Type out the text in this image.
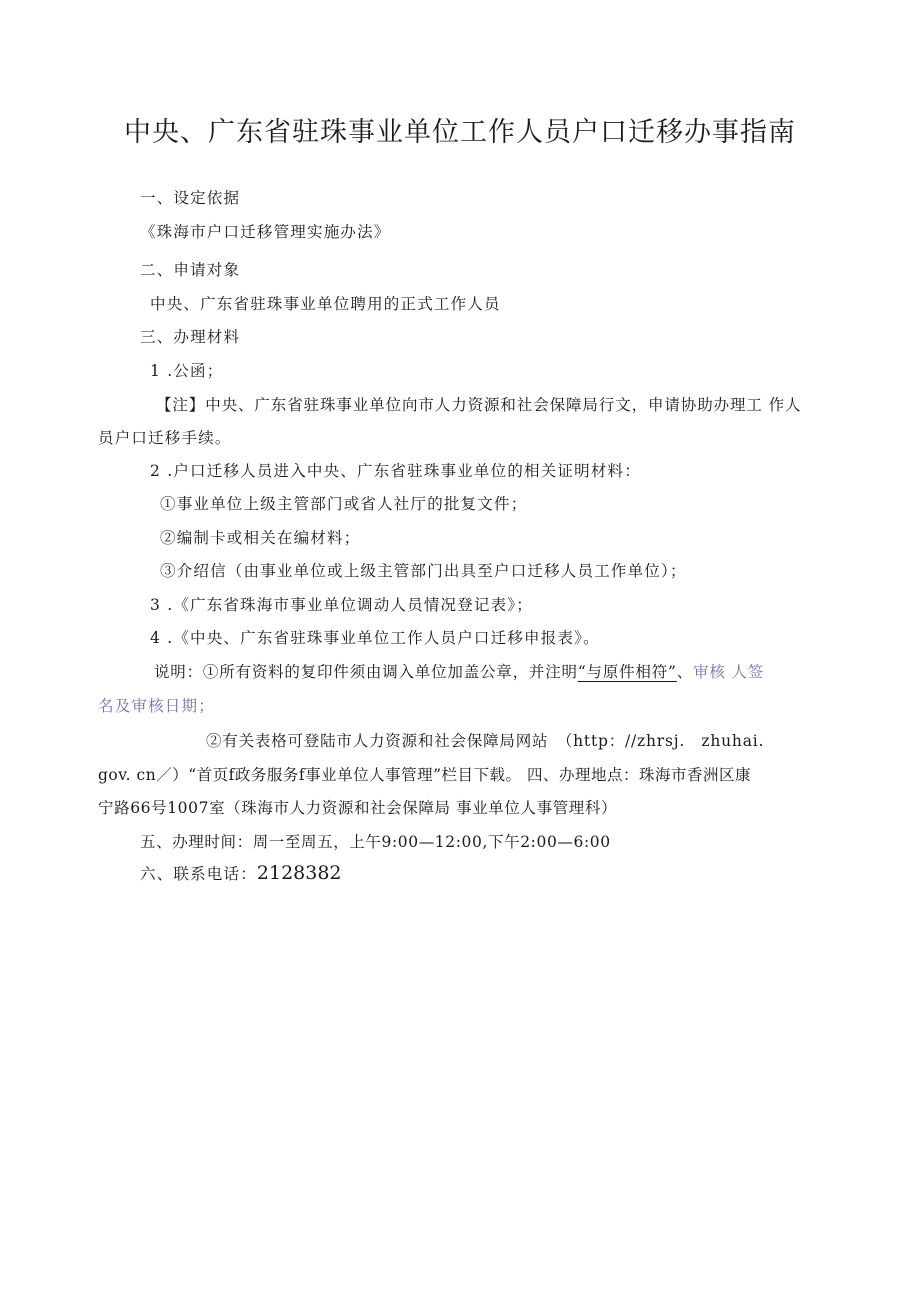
中央、广东省驻珠事业单位工作人员户口迁移办事指南
一、设定依据
《珠海市户口迁移管理实施办法》
二、申请对象
中央、广东省驻珠事业单位聘用的正式工作人员
三、办理材料
1 .公函；
【注】中央、广东省驻珠事业单位向市人力资源和社会保障局行文，申请协助办理工 作人
员户口迁移手续。
2 .户口迁移人员进入中央、广东省驻珠事业单位的相关证明材料：
①事业单位上级主管部门或省人社厅的批复文件；
②编制卡或相关在编材料；
③介绍信（由事业单位或上级主管部门出具至户口迁移人员工作单位）；
3 .《广东省珠海市事业单位调动人员情况登记表》；
4 .《中央、广东省驻珠事业单位工作人员户口迁移申报表》。
说明：①所有资料的复印件须由调入单位加盖公章，并注明“与原件相符”、审核 人签
名及审核日期；
②有关表格可登陆市人力资源和社会保障局网站　（http：//zhrsj.　zhuhai.
gov. cn／）“首页f政务服务f事业单位人事管理”栏目下载。 四、办理地点：珠海市香洲区康
宁路66号1007室（珠海市人力资源和社会保障局 事业单位人事管理科）
五、办理时间：周一至周五，上午9:00—12:00,下午2:00—6:00
六、联系电话：2128382
